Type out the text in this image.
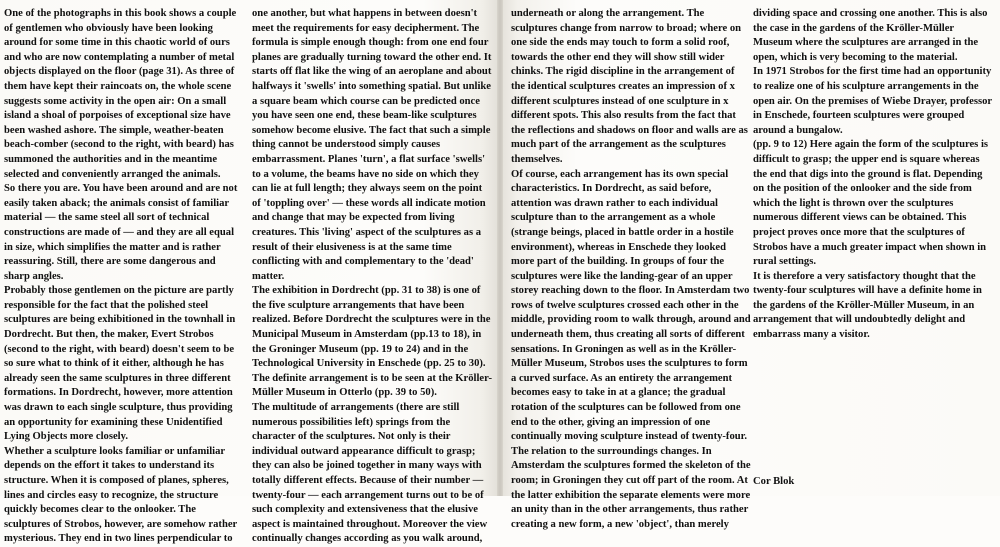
One of the photographs in this book shows a couple of gentlemen who obviously have been looking around for some time in this chaotic world of ours and who are now contemplating a number of metal objects displayed on the floor (page 31). As three of them have kept their raincoats on, the whole scene suggests some activity in the open air: On a small island a shoal of porpoises of exceptional size have been washed ashore. The simple, weather-beaten beach-comber (second to the right, with beard) has summoned the authorities and in the meantime selected and conveniently arranged the animals.

So there you are. You have been around and are not easily taken aback; the animals consist of familiar material — the same steel all sort of technical constructions are made of — and they are all equal in size, which simplifies the matter and is rather reassuring. Still, there are some dangerous and sharp angles.

Probably those gentlemen on the picture are partly responsible for the fact that the polished steel sculptures are being exhibitioned in the townhall in Dordrecht. But then, the maker, Evert Strobos (second to the right, with beard) doesn't seem to be so sure what to think of it either, although he has already seen the same sculptures in three different formations. In Dordrecht, however, more attention was drawn to each single sculpture, thus providing an opportunity for examining these Unidentified Lying Objects more closely.

Whether a sculpture looks familiar or unfamiliar depends on the effort it takes to understand its structure. When it is composed of planes, spheres, lines and circles easy to recognize, the structure quickly becomes clear to the onlooker. The sculptures of Strobos, however, are somehow rather mysterious. They end in two lines perpendicular to

one another, but what happens in between doesn't meet the requirements for easy decipherment. The formula is simple enough though: from one end four planes are gradually turning toward the other end. It starts off flat like the wing of an aeroplane and about halfways it 'swells' into something spatial. But unlike a square beam which course can be predicted once you have seen one end, these beam-like sculptures somehow become elusive. The fact that such a simple thing cannot be understood simply causes embarrassment. Planes 'turn', a flat surface 'swells' to a volume, the beams have no side on which they can lie at full length; they always seem on the point of 'toppling over' — these words all indicate motion and change that may be expected from living creatures. This 'living' aspect of the sculptures as a result of their elusiveness is at the same time conflicting with and complementary to the 'dead' matter.

The exhibition in Dordrecht (pp. 31 to 38) is one of the five sculpture arrangements that have been realized. Before Dordrecht the sculptures were in the Municipal Museum in Amsterdam (pp.13 to 18), in the Groninger Museum (pp. 19 to 24) and in the Technological University in Enschede (pp. 25 to 30). The definite arrangement is to be seen at the Kröller-Müller Museum in Otterlo (pp. 39 to 50).

The multitude of arrangements (there are still numerous possibilities left) springs from the character of the sculptures. Not only is their individual outward appearance difficult to grasp; they can also be joined together in many ways with totally different effects. Because of their number — twenty-four — each arrangement turns out to be of such complexity and extensiveness that the elusive aspect is maintained throughout. Moreover the view continually changes according as you walk around,

underneath or along the arrangement. The sculptures change from narrow to broad; where on one side the ends may touch to form a solid roof, towards the other end they will show still wider chinks. The rigid discipline in the arrangement of the identical sculptures creates an impression of x different sculptures instead of one sculpture in x different spots. This also results from the fact that the reflections and shadows on floor and walls are as much part of the arrangement as the sculptures themselves.

Of course, each arrangement has its own special characteristics. In Dordrecht, as said before, attention was drawn rather to each individual sculpture than to the arrangement as a whole (strange beings, placed in battle order in a hostile environment), whereas in Enschede they looked more part of the building. In groups of four the sculptures were like the landing-gear of an upper storey reaching down to the floor. In Amsterdam two rows of twelve sculptures crossed each other in the middle, providing room to walk through, around and underneath them, thus creating all sorts of different sensations. In Groningen as well as in the Kröller-Müller Museum, Strobos uses the sculptures to form a curved surface. As an entirety the arrangement becomes easy to take in at a glance; the gradual rotation of the sculptures can be followed from one end to the other, giving an impression of one continually moving sculpture instead of twenty-four. The relation to the surroundings changes. In Amsterdam the sculptures formed the skeleton of the room; in Groningen they cut off part of the room. At the latter exhibition the separate elements were more an unity than in the other arrangements, thus rather creating a new form, a new 'object', than merely

dividing space and crossing one another. This is also the case in the gardens of the Kröller-Müller Museum where the sculptures are arranged in the open, which is very becoming to the material.

In 1971 Strobos for the first time had an opportunity to realize one of his sculpture arrangements in the open air. On the premises of Wiebe Drayer, professor in Enschede, fourteen sculptures were grouped around a bungalow.

(pp. 9 to 12) Here again the form of the sculptures is difficult to grasp; the upper end is square whereas the end that digs into the ground is flat. Depending on the position of the onlooker and the side from which the light is thrown over the sculptures numerous different views can be obtained. This project proves once more that the sculptures of Strobos have a much greater impact when shown in rural settings.

It is therefore a very satisfactory thought that the twenty-four sculptures will have a definite home in the gardens of the Kröller-Müller Museum, in an arrangement that will undoubtedly delight and embarrass many a visitor.

Cor Blok
